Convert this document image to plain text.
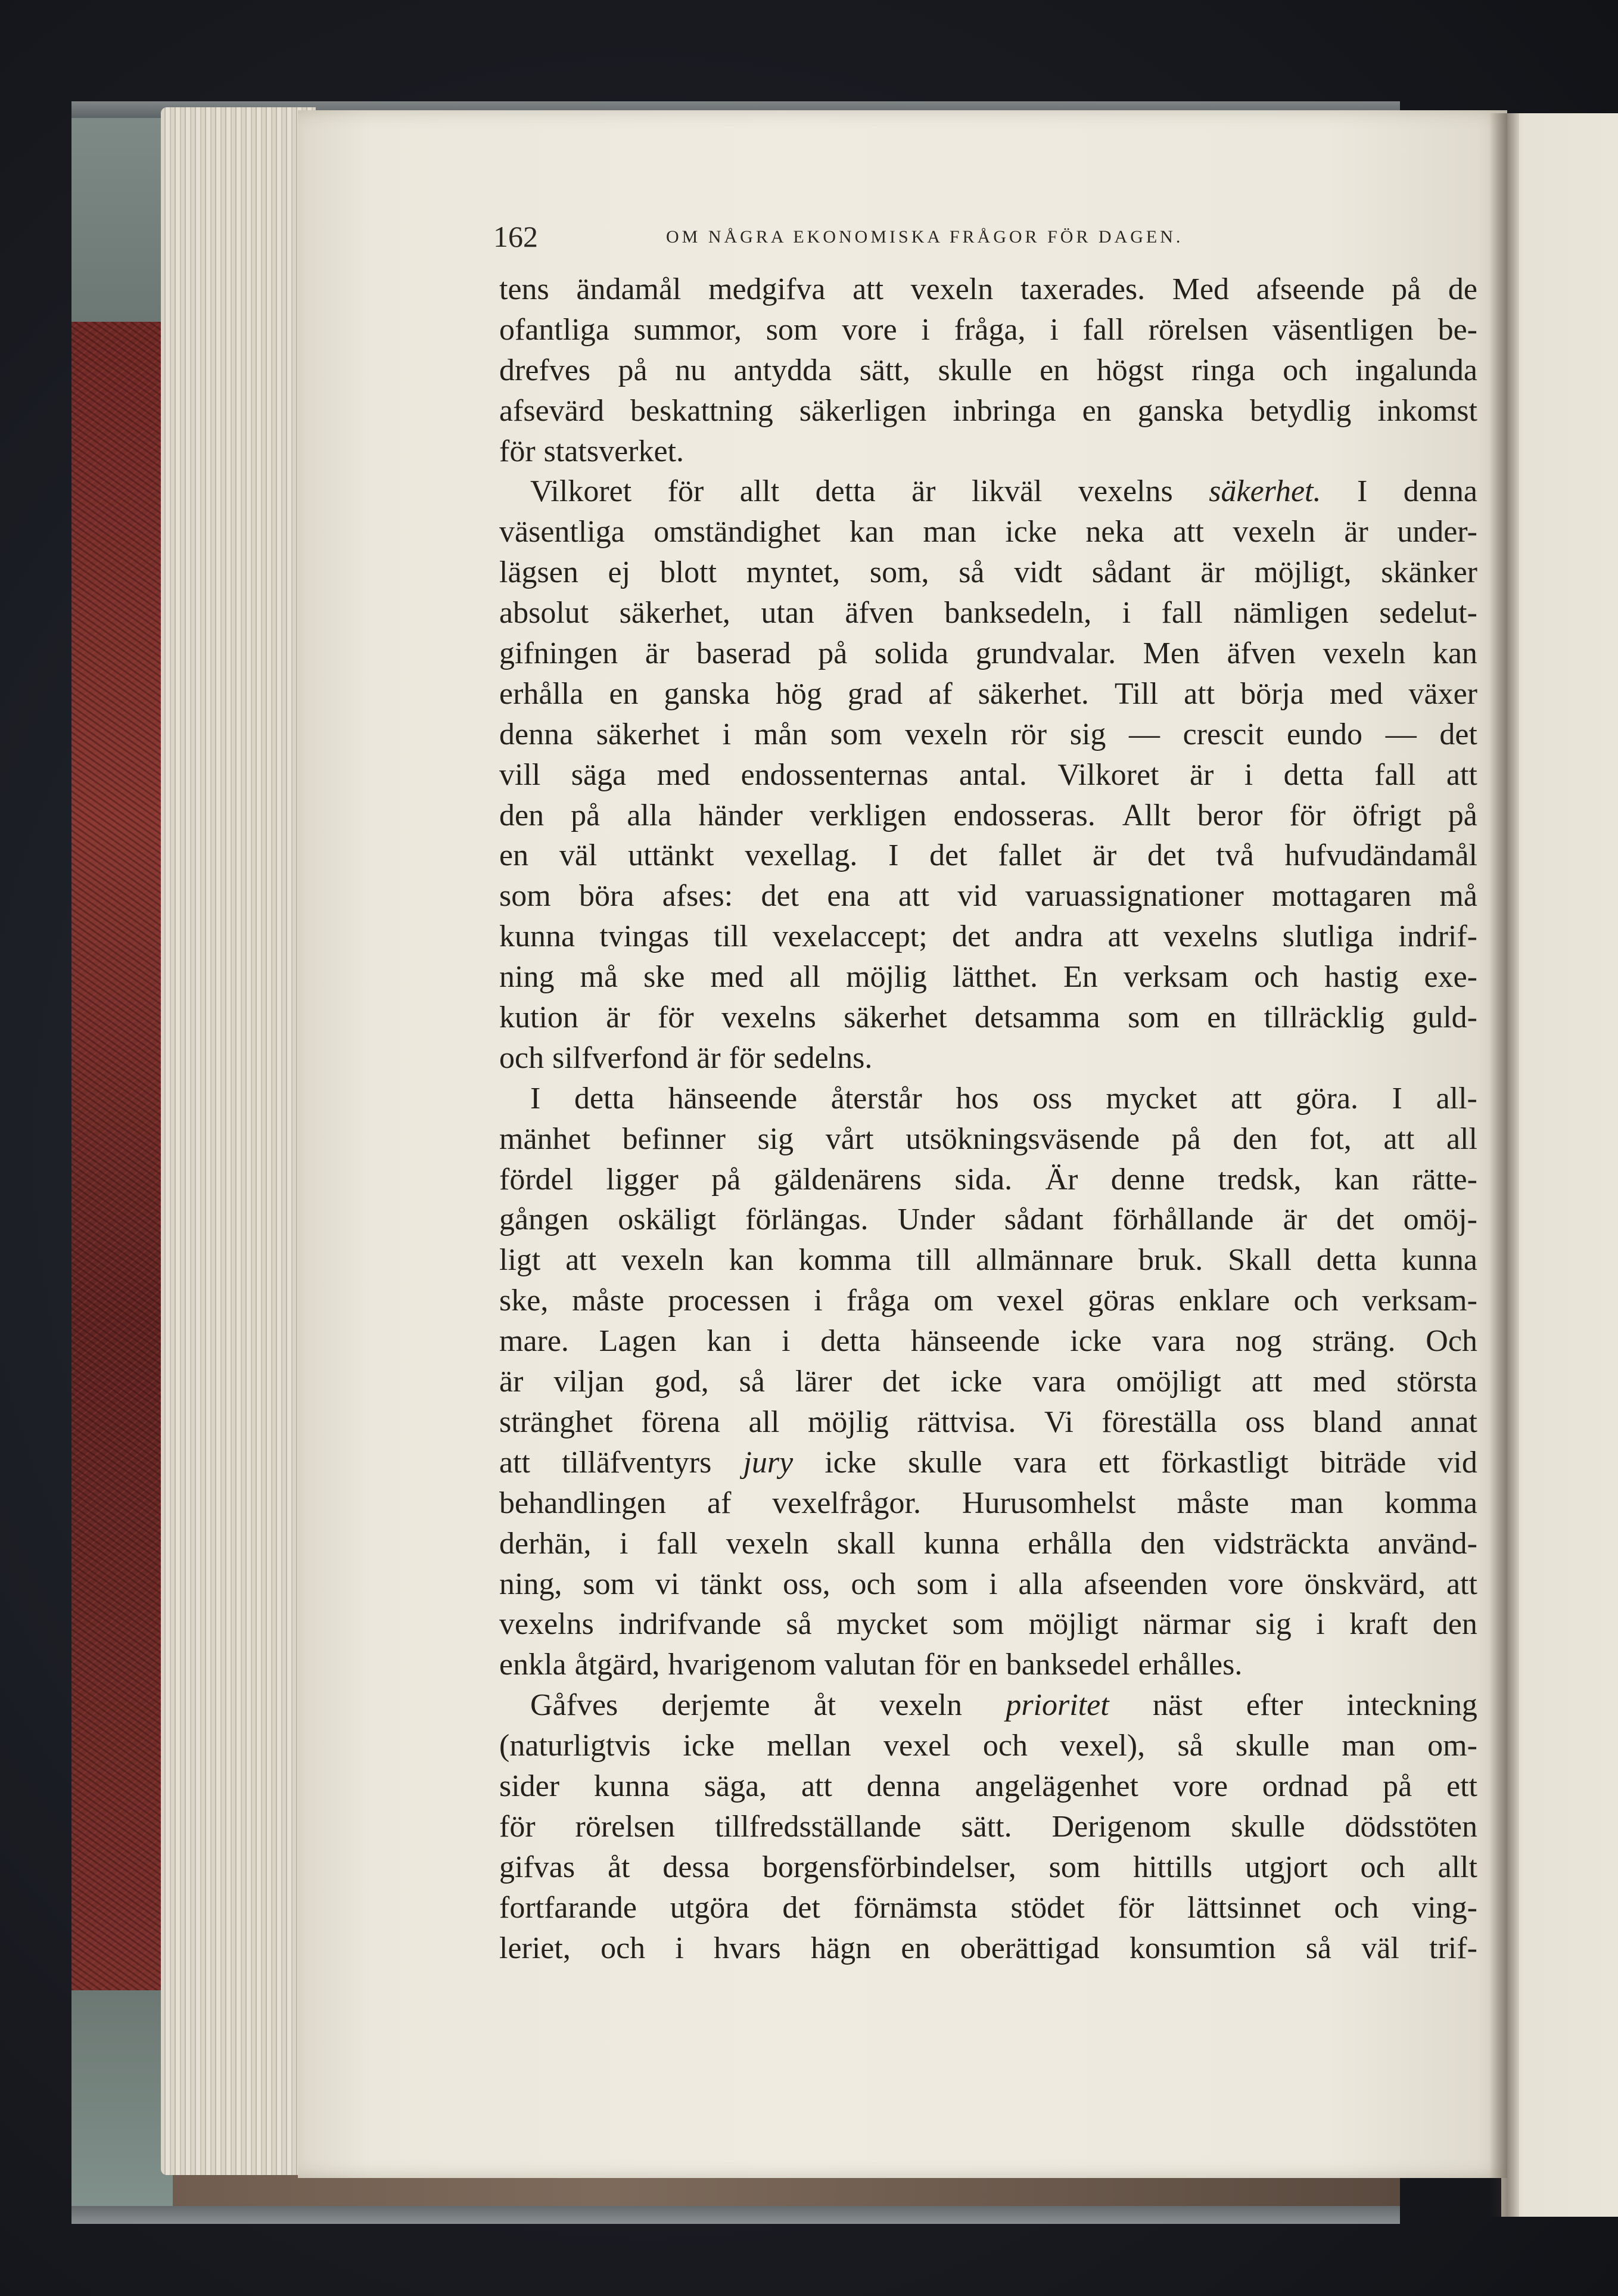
162	OM NÅGRA EKONOMISKA FRÅGOR FÖR DAGEN.
tens ändamål medgifva att vexeln taxerades. Med afseende på de
ofantliga summor, som vore i fråga, i fall rörelsen väsentligen be-
drefves på nu antydda sätt, skulle en högst ringa och ingalunda
afsevärd beskattning säkerligen inbringa en ganska betydlig inkomst
för statsverket.
Vilkoret för allt detta är likväl vexelns säkerhet. I denna
väsentliga omständighet kan man icke neka att vexeln är under-
lägsen ej blott myntet, som, så vidt sådant är möjligt, skänker
absolut säkerhet, utan äfven banksedeln, i fall nämligen sedelut-
gifningen är baserad på solida grundvalar. Men äfven vexeln kan
erhålla en ganska hög grad af säkerhet. Till att börja med växer
denna säkerhet i mån som vexeln rör sig — crescit eundo — det
vill säga med endossenternas antal. Vilkoret är i detta fall att
den på alla händer verkligen endosseras. Allt beror för öfrigt på
en väl uttänkt vexellag. I det fallet är det två hufvudändamål
som böra afses: det ena att vid varuassignationer mottagaren må
kunna tvingas till vexelaccept; det andra att vexelns slutliga indrif-
ning må ske med all möjlig lätthet. En verksam och hastig exe-
kution är för vexelns säkerhet detsamma som en tillräcklig guld-
och silfverfond är för sedelns.
I detta hänseende återstår hos oss mycket att göra. I all-
mänhet befinner sig vårt utsökningsväsende på den fot, att all
fördel ligger på gäldenärens sida. Är denne tredsk, kan rätte-
gången oskäligt förlängas. Under sådant förhållande är det omöj-
ligt att vexeln kan komma till allmännare bruk. Skall detta kunna
ske, måste processen i fråga om vexel göras enklare och verksam-
mare. Lagen kan i detta hänseende icke vara nog sträng. Och
är viljan god, så lärer det icke vara omöjligt att med största
stränghet förena all möjlig rättvisa. Vi föreställa oss bland annat
att tilläfventyrs jury icke skulle vara ett förkastligt biträde vid
behandlingen af vexelfrågor. Hurusomhelst måste man komma
derhän, i fall vexeln skall kunna erhålla den vidsträckta använd-
ning, som vi tänkt oss, och som i alla afseenden vore önskvärd, att
vexelns indrifvande så mycket som möjligt närmar sig i kraft den
enkla åtgärd, hvarigenom valutan för en banksedel erhålles.
Gåfves derjemte åt vexeln prioritet näst efter inteckning
(naturligtvis icke mellan vexel och vexel), så skulle man om-
sider kunna säga, att denna angelägenhet vore ordnad på ett
för rörelsen tillfredsställande sätt. Derigenom skulle dödsstöten
gifvas åt dessa borgensförbindelser, som hittills utgjort och allt
fortfarande utgöra det förnämsta stödet för lättsinnet och ving-
leriet, och i hvars hägn en oberättigad konsumtion så väl trif-
